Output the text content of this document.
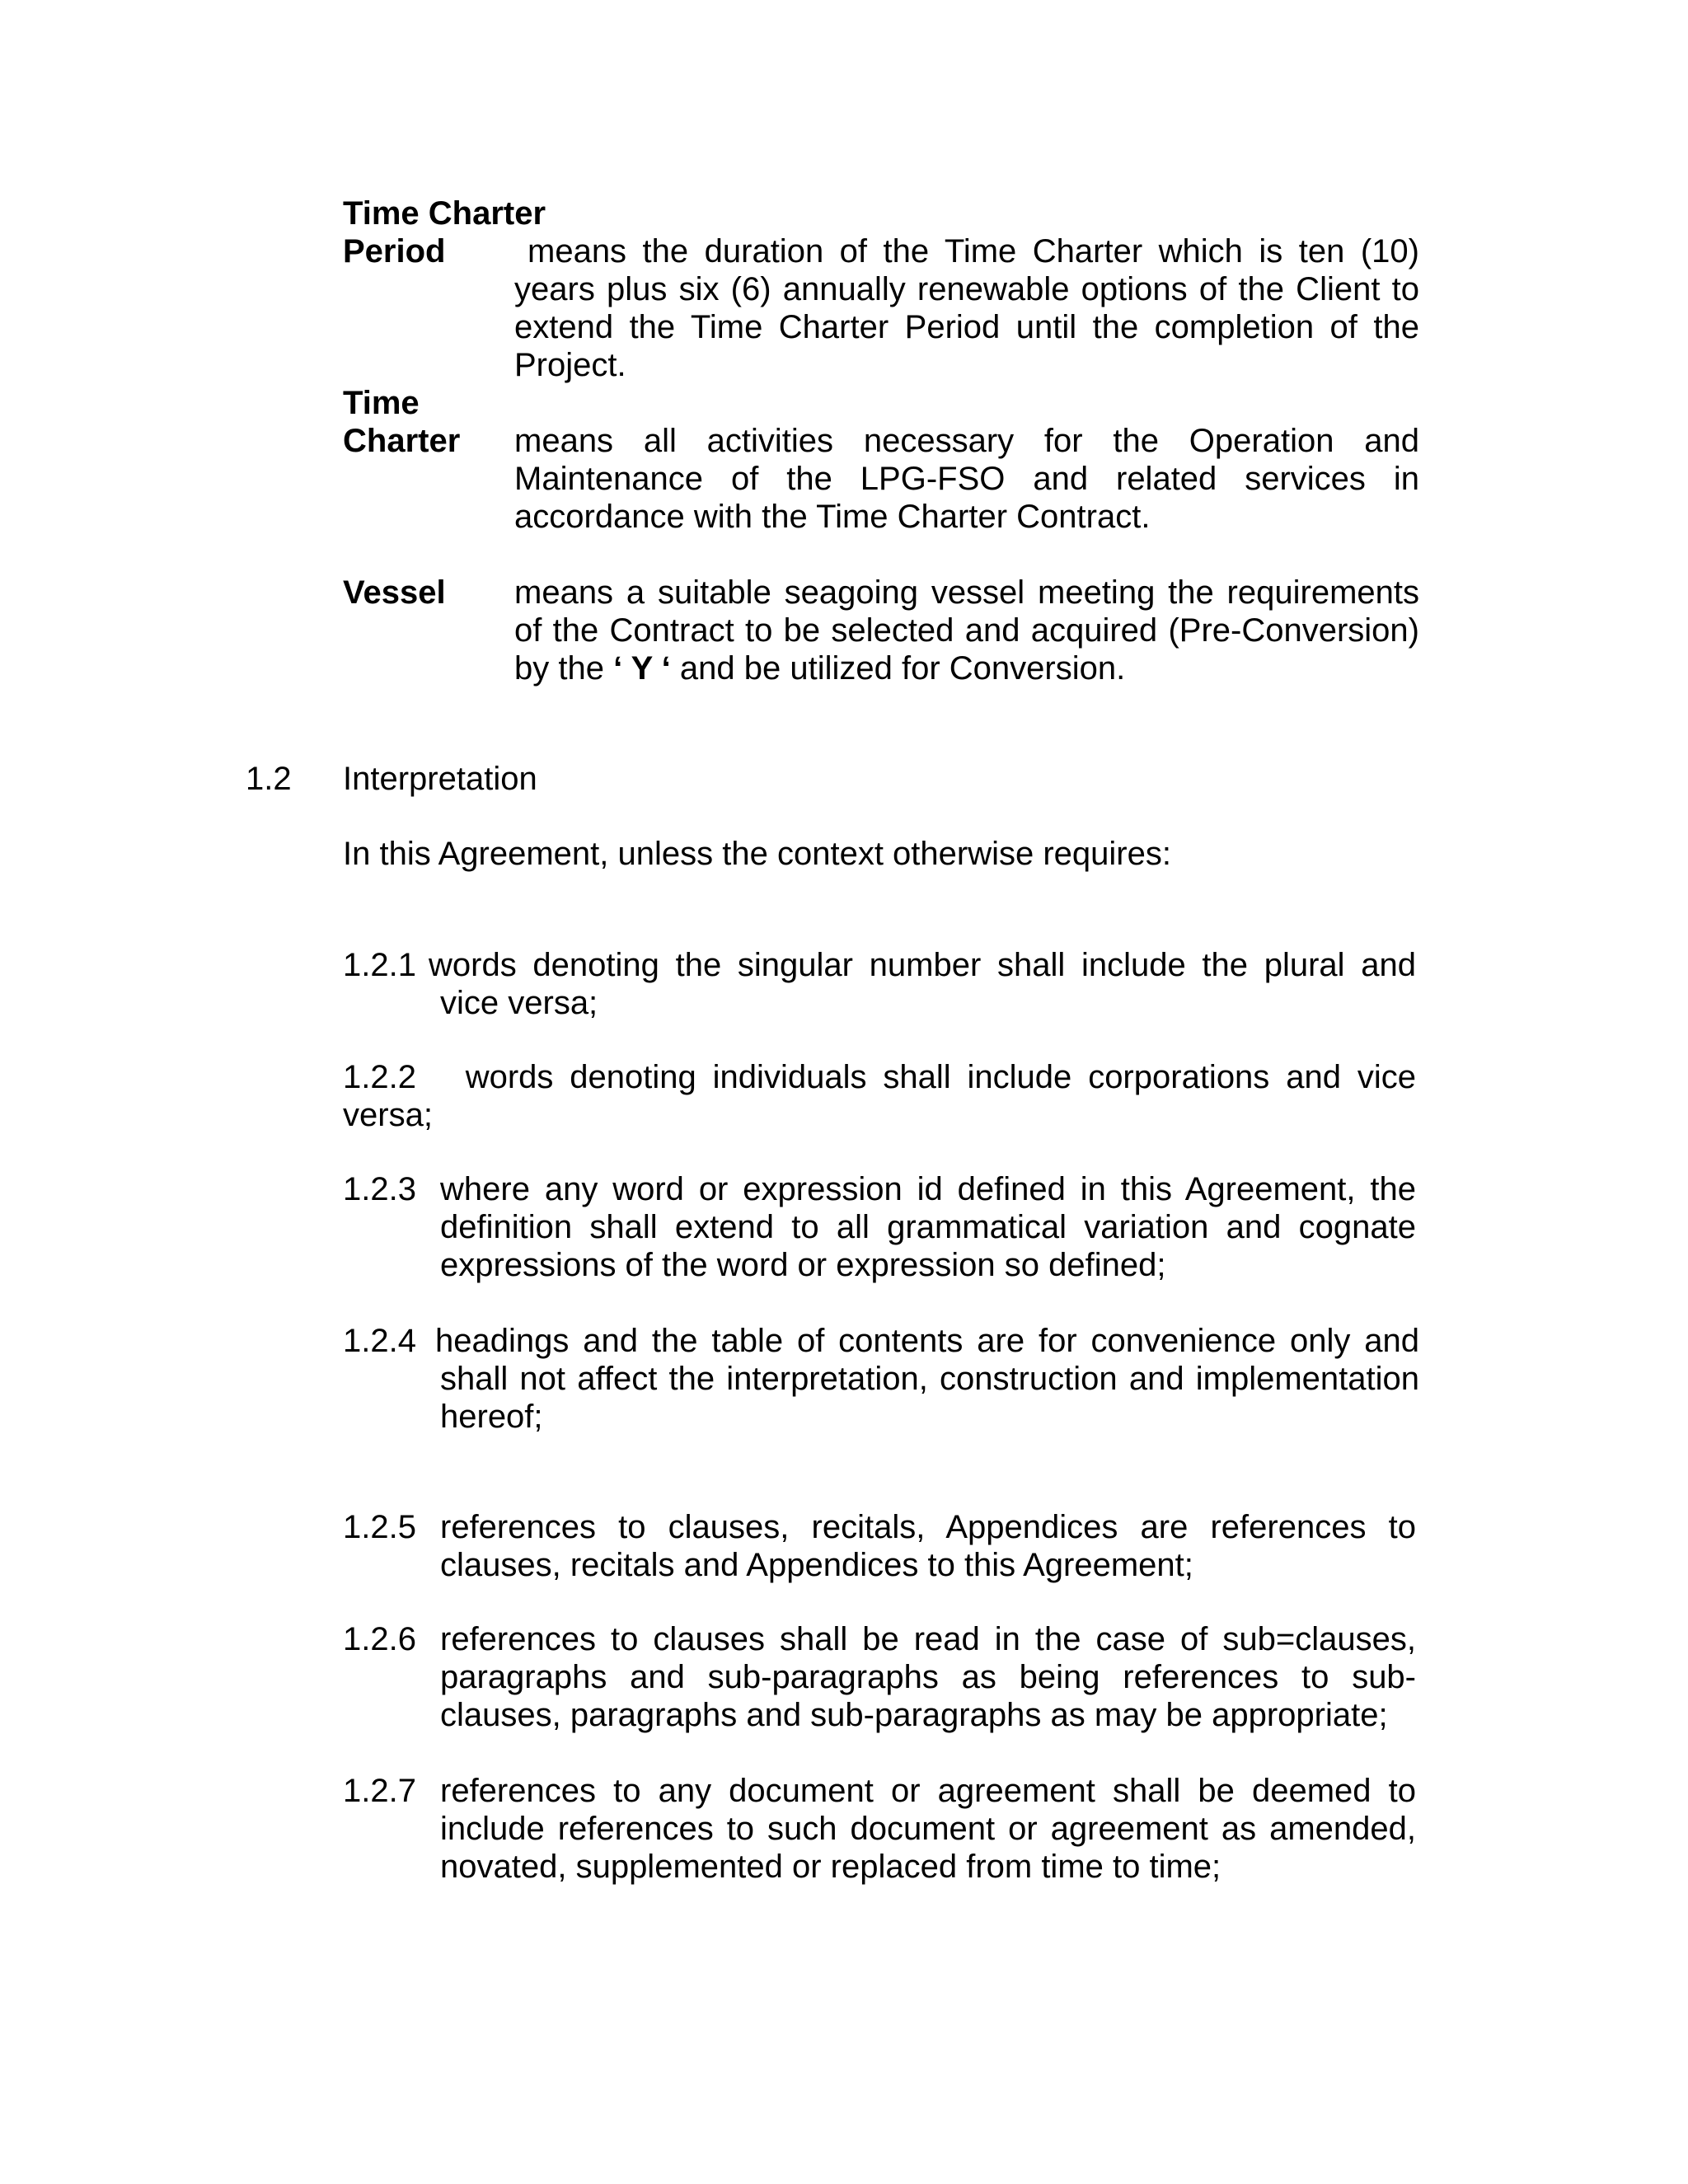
Time Charter
Period	means the duration of the Time Charter which is ten (10) years plus six (6) annually renewable options of the Client to extend the Time Charter Period until the completion of the Project.
Time
Charter means all activities necessary for the Operation and Maintenance of the LPG-FSO and related services in accordance with the Time Charter Contract.
Vessel means a suitable seagoing vessel meeting the requirements of the Contract to be selected and acquired (Pre-Conversion) by the ‘ Y ‘ and be utilized for Conversion.
1.2 Interpretation
In this Agreement, unless the context otherwise requires:
1.2.1 words denoting the singular number shall include the plural and vice versa;
1.2.2 words denoting individuals shall include corporations and vice versa;
1.2.3 where any word or expression id defined in this Agreement, the definition shall extend to all grammatical variation and cognate expressions of the word or expression so defined;
1.2.4 headings and the table of contents are for convenience only and shall not affect the interpretation, construction and implementation hereof;
1.2.5 references to clauses, recitals, Appendices are references to clauses, recitals and Appendices to this Agreement;
1.2.6 references to clauses shall be read in the case of sub=clauses, paragraphs and sub-paragraphs as being references to sub-clauses, paragraphs and sub-paragraphs as may be appropriate;
1.2.7 references to any document or agreement shall be deemed to include references to such document or agreement as amended, novated, supplemented or replaced from time to time;
